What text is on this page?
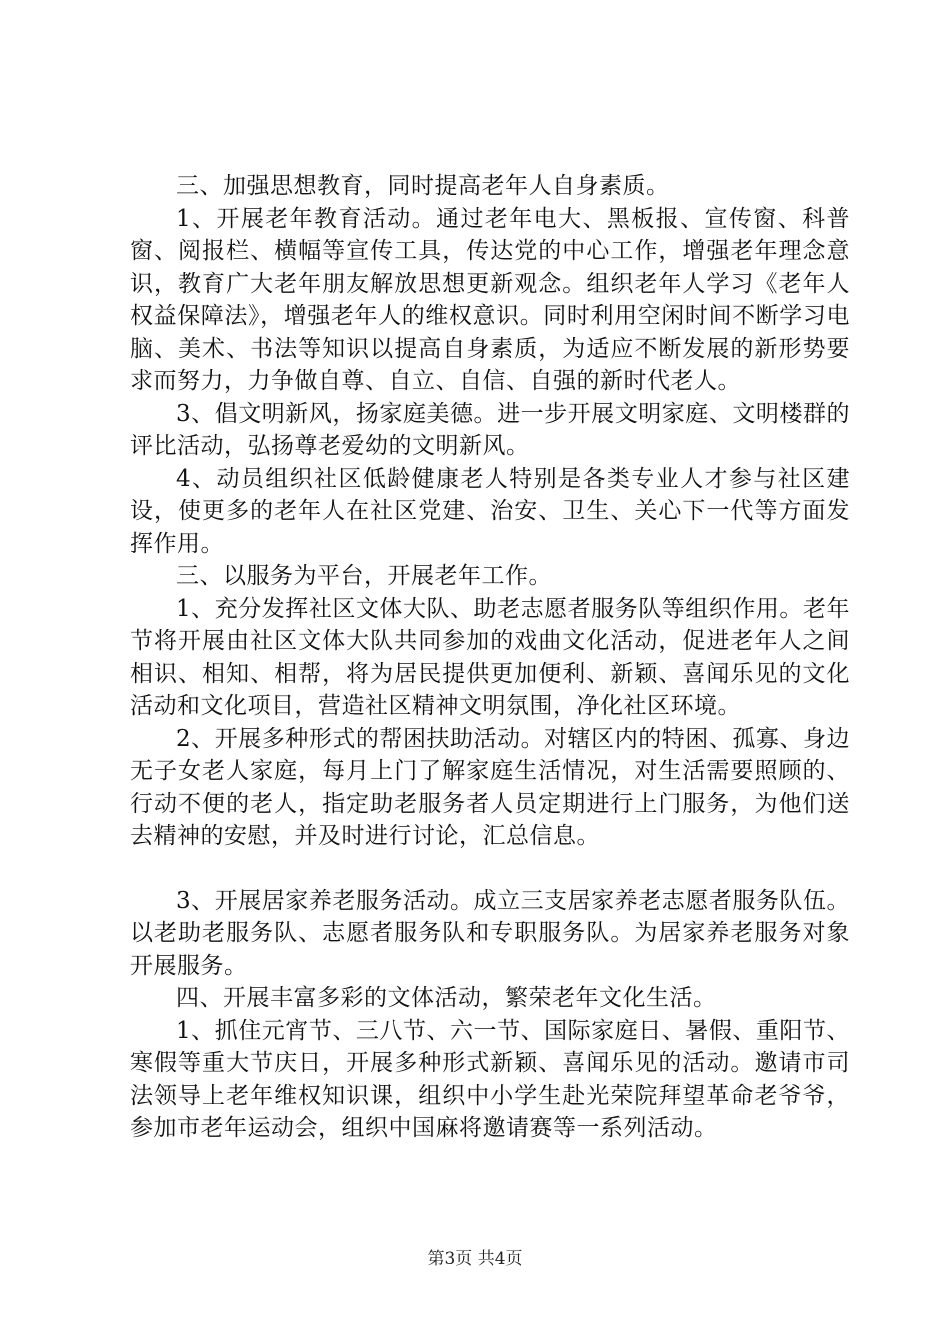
三、加强思想教育，同时提高老年人自身素质。

1、开展老年教育活动。通过老年电大、黑板报、宣传窗、科普窗、阅报栏、横幅等宣传工具，传达党的中心工作，增强老年理念意识，教育广大老年朋友解放思想更新观念。组织老年人学习《老年人权益保障法》，增强老年人的维权意识。同时利用空闲时间不断学习电脑、美术、书法等知识以提高自身素质，为适应不断发展的新形势要求而努力，力争做自尊、自立、自信、自强的新时代老人。

3、倡文明新风，扬家庭美德。进一步开展文明家庭、文明楼群的评比活动，弘扬尊老爱幼的文明新风。

4、动员组织社区低龄健康老人特别是各类专业人才参与社区建设，使更多的老年人在社区党建、治安、卫生、关心下一代等方面发挥作用。

三、以服务为平台，开展老年工作。

1、充分发挥社区文体大队、助老志愿者服务队等组织作用。老年节将开展由社区文体大队共同参加的戏曲文化活动，促进老年人之间相识、相知、相帮，将为居民提供更加便利、新颖、喜闻乐见的文化活动和文化项目，营造社区精神文明氛围，净化社区环境。

2、开展多种形式的帮困扶助活动。对辖区内的特困、孤寡、身边无子女老人家庭，每月上门了解家庭生活情况，对生活需要照顾的、行动不便的老人，指定助老服务者人员定期进行上门服务，为他们送去精神的安慰，并及时进行讨论，汇总信息。

3、开展居家养老服务活动。成立三支居家养老志愿者服务队伍。以老助老服务队、志愿者服务队和专职服务队。为居家养老服务对象开展服务。

四、开展丰富多彩的文体活动，繁荣老年文化生活。

1、抓住元宵节、三八节、六一节、国际家庭日、暑假、重阳节、寒假等重大节庆日，开展多种形式新颖、喜闻乐见的活动。邀请市司法领导上老年维权知识课，组织中小学生赴光荣院拜望革命老爷爷，参加市老年运动会，组织中国麻将邀请赛等一系列活动。

第3页 共4页
